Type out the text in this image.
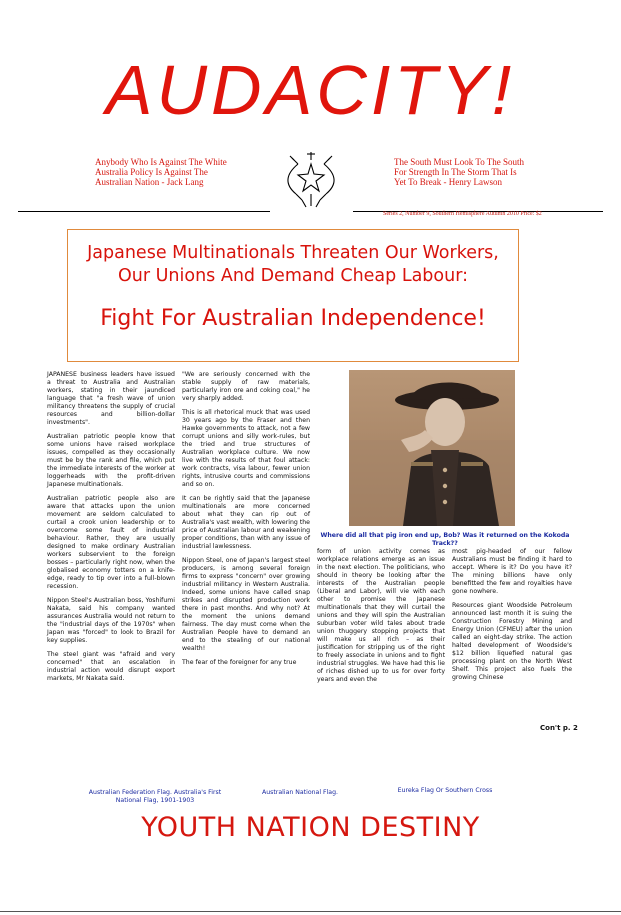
AUDACITY!
Anybody Who Is Against The White
Australia Policy Is Against The
Australian Nation - Jack Lang
The South Must Look To The South
For Strength In The Storm That Is
Yet To Break - Henry Lawson
Series 2, Number 9, Southern Hemisphere Autumn 2010 Price: $2
Japanese Multinationals Threaten Our Workers,
Our Unions And Demand Cheap Labour:
Fight For Australian Independence!

JAPANESE business leaders have issued a threat to Australia and Australian workers, stating in their jaundiced language that "a fresh wave of union militancy threatens the supply of crucial resources and billion-dollar investments".

Australian patriotic people know that some unions have raised workplace issues, compelled as they occasionally must be by the rank and file, which put the immediate interests of the worker at loggerheads with the profit-driven Japanese multinationals.

Australian patriotic people also are aware that attacks upon the union movement are seldom calculated to curtail a crook union leadership or to overcome some fault of industrial behaviour. Rather, they are usually designed to make ordinary Australian workers subservient to the foreign bosses – particularly right now, when the globalised economy totters on a knife-edge, ready to tip over into a full-blown recession.

Nippon Steel's Australian boss, Yoshifumi Nakata, said his company wanted assurances Australia would not return to the "industrial days of the 1970s" when Japan was "forced" to look to Brazil for key supplies.

The steel giant was "afraid and very concerned" that an escalation in industrial action would disrupt export markets, Mr Nakata said.

"We are seriously concerned with the stable supply of raw materials, particularly iron ore and coking coal," he very sharply added.

This is all rhetorical muck that was used 30 years ago by the Fraser and then Hawke governments to attack, not a few corrupt unions and silly work-rules, but the tried and true structures of Australian workplace culture. We now live with the results of that foul attack: work contracts, visa labour, fewer union rights, intrusive courts and commissions and so on.

It can be rightly said that the Japanese multinationals are more concerned about what they can rip out of Australia's vast wealth, with lowering the price of Australian labour and weakening proper conditions, than with any issue of industrial lawlessness.

Nippon Steel, one of Japan's largest steel producers, is among several foreign firms to express "concern" over growing industrial militancy in Western Australia. Indeed, some unions have called snap strikes and disrupted production work there in past months. And why not? At the moment the unions demand fairness. The day must come when the Australian People have to demand an end to the stealing of our national wealth!

The fear of the foreigner for any true

Where did all that pig iron end up, Bob? Was it returned on the Kokoda Track??

form of union activity comes as workplace relations emerge as an issue in the next election. The politicians, who should in theory be looking after the interests of the Australian people (Liberal and Labor), will vie with each other to promise the Japanese multinationals that they will curtail the unions and they will spin the Australian suburban voter wild tales about trade union thuggery stopping projects that will make us all rich – as their justification for stripping us of the right to freely associate in unions and to fight industrial struggles. We have had this lie of riches dished up to us for over forty years and even the

most pig-headed of our fellow Australians must be finding it hard to accept. Where is it? Do you have it? The mining billions have only benefitted the few and royalties have gone nowhere.

Resources giant Woodside Petroleum announced last month it is suing the Construction Forestry Mining and Energy Union (CFMEU) after the union called an eight-day strike. The action halted development of Woodside's $12 billion liquefied natural gas processing plant on the North West Shelf. This project also fuels the growing Chinese

Con't p. 2
Australian Federation Flag. Australia's First National Flag, 1901-1903
Australian National Flag.	Eureka Flag Or Southern Cross
YOUTH NATION DESTINY
